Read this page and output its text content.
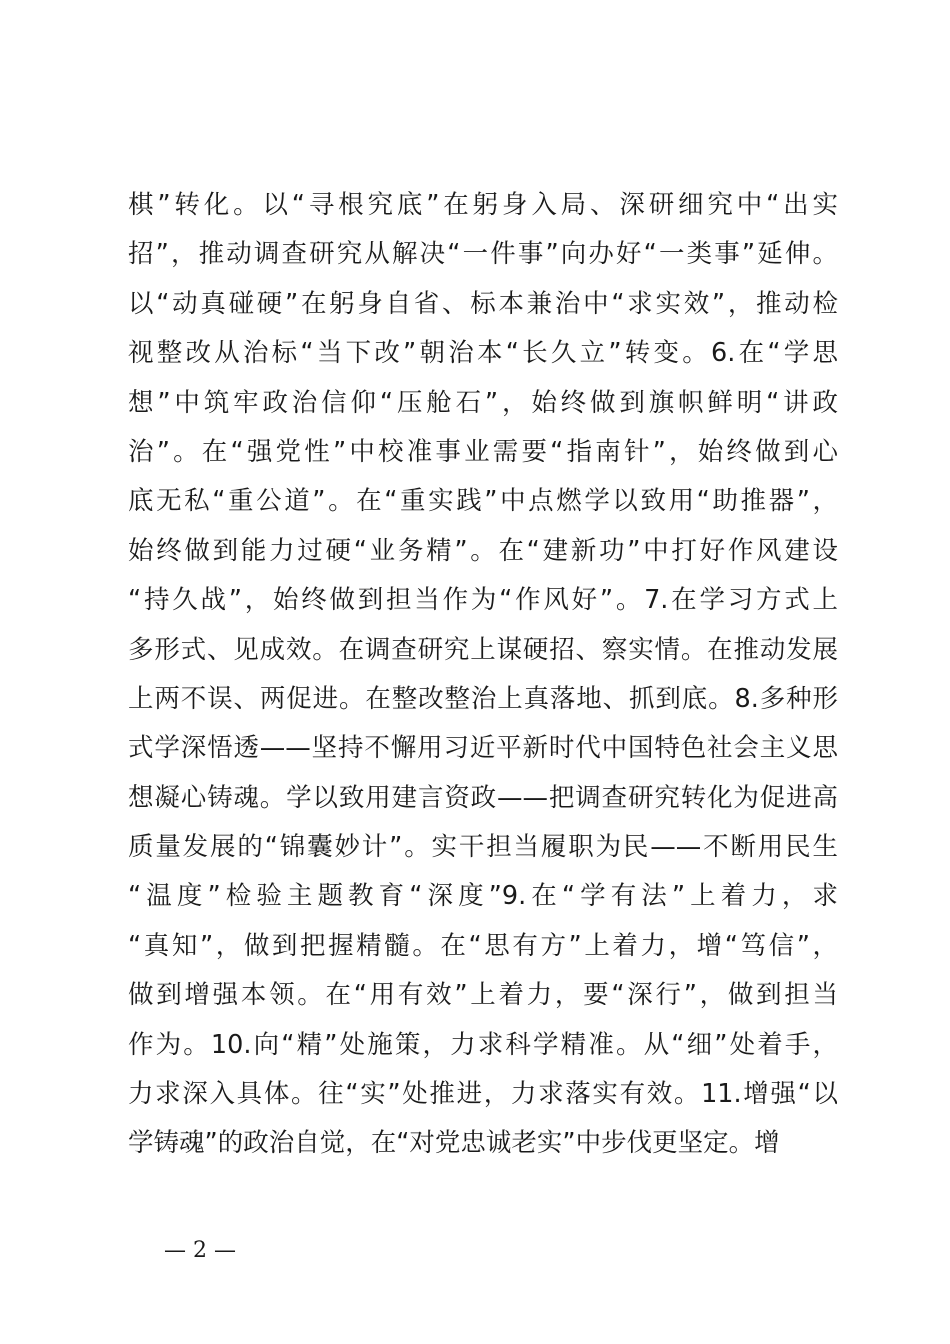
棋”转化。以“寻根究底”在躬身入局、深研细究中“出实
招”，推动调查研究从解决“一件事”向办好“一类事”延伸。
以“动真碰硬”在躬身自省、标本兼治中“求实效”，推动检
视整改从治标“当下改”朝治本“长久立”转变。6.在“学思
想”中筑牢政治信仰“压舱石”，始终做到旗帜鲜明“讲政
治”。在“强党性”中校准事业需要“指南针”，始终做到心
底无私“重公道”。在“重实践”中点燃学以致用“助推器”，
始终做到能力过硬“业务精”。在“建新功”中打好作风建设
“持久战”，始终做到担当作为“作风好”。7.在学习方式上
多形式、见成效。在调查研究上谋硬招、察实情。在推动发展
上两不误、两促进。在整改整治上真落地、抓到底。8.多种形
式学深悟透——坚持不懈用习近平新时代中国特色社会主义思
想凝心铸魂。学以致用建言资政——把调查研究转化为促进高
质量发展的“锦囊妙计”。实干担当履职为民——不断用民生
“温度”检验主题教育“深度”9.在“学有法”上着力，求
“真知”，做到把握精髓。在“思有方”上着力，增“笃信”，
做到增强本领。在“用有效”上着力，要“深行”，做到担当
作为。10.向“精”处施策，力求科学精准。从“细”处着手，
力求深入具体。往“实”处推进，力求落实有效。11.增强“以
学铸魂”的政治自觉，在“对党忠诚老实”中步伐更坚定。增
— 2 —
